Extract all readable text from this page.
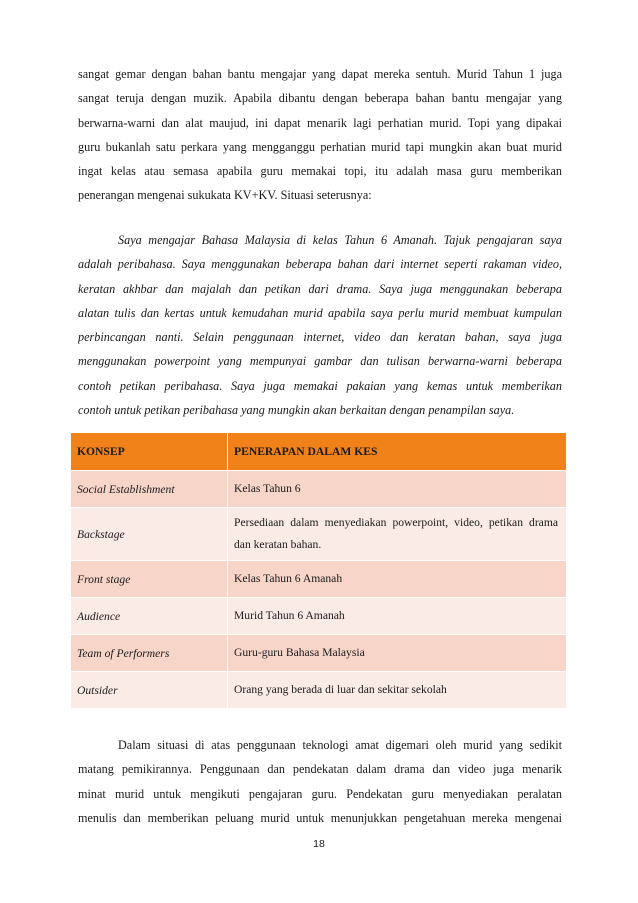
sangat gemar dengan bahan bantu mengajar yang dapat mereka sentuh. Murid Tahun 1 juga
sangat teruja dengan muzik. Apabila dibantu dengan beberapa bahan bantu mengajar yang
berwarna-warni dan alat maujud, ini dapat menarik lagi perhatian murid. Topi yang dipakai
guru bukanlah satu perkara yang mengganggu perhatian murid tapi mungkin akan buat murid
ingat kelas atau semasa apabila guru memakai topi, itu adalah masa guru memberikan
penerangan mengenai sukukata KV+KV. Situasi seterusnya:
Saya mengajar Bahasa Malaysia di kelas Tahun 6 Amanah. Tajuk pengajaran saya
adalah peribahasa. Saya menggunakan beberapa bahan dari internet seperti rakaman video,
keratan akhbar dan majalah dan petikan dari drama. Saya juga menggunakan beberapa
alatan tulis dan kertas untuk kemudahan murid apabila saya perlu murid membuat kumpulan
perbincangan nanti. Selain penggunaan internet, video dan keratan bahan, saya juga
menggunakan powerpoint yang mempunyai gambar dan tulisan berwarna-warni beberapa
contoh petikan peribahasa. Saya juga memakai pakaian yang kemas untuk memberikan
contoh untuk petikan peribahasa yang mungkin akan berkaitan dengan penampilan saya.
KONSEP	PENERAPAN DALAM KES
Social Establishment	Kelas Tahun 6
Backstage	Persediaan dalam menyediakan powerpoint, video, petikan drama dan keratan bahan.
Front stage	Kelas Tahun 6 Amanah
Audience	Murid Tahun 6 Amanah
Team of Performers	Guru-guru Bahasa Malaysia
Outsider	Orang yang berada di luar dan sekitar sekolah
Dalam situasi di atas penggunaan teknologi amat digemari oleh murid yang sedikit
matang pemikirannya. Penggunaan dan pendekatan dalam drama dan video juga menarik
minat murid untuk mengikuti pengajaran guru. Pendekatan guru menyediakan peralatan
menulis dan memberikan peluang murid untuk menunjukkan pengetahuan mereka mengenai
18
